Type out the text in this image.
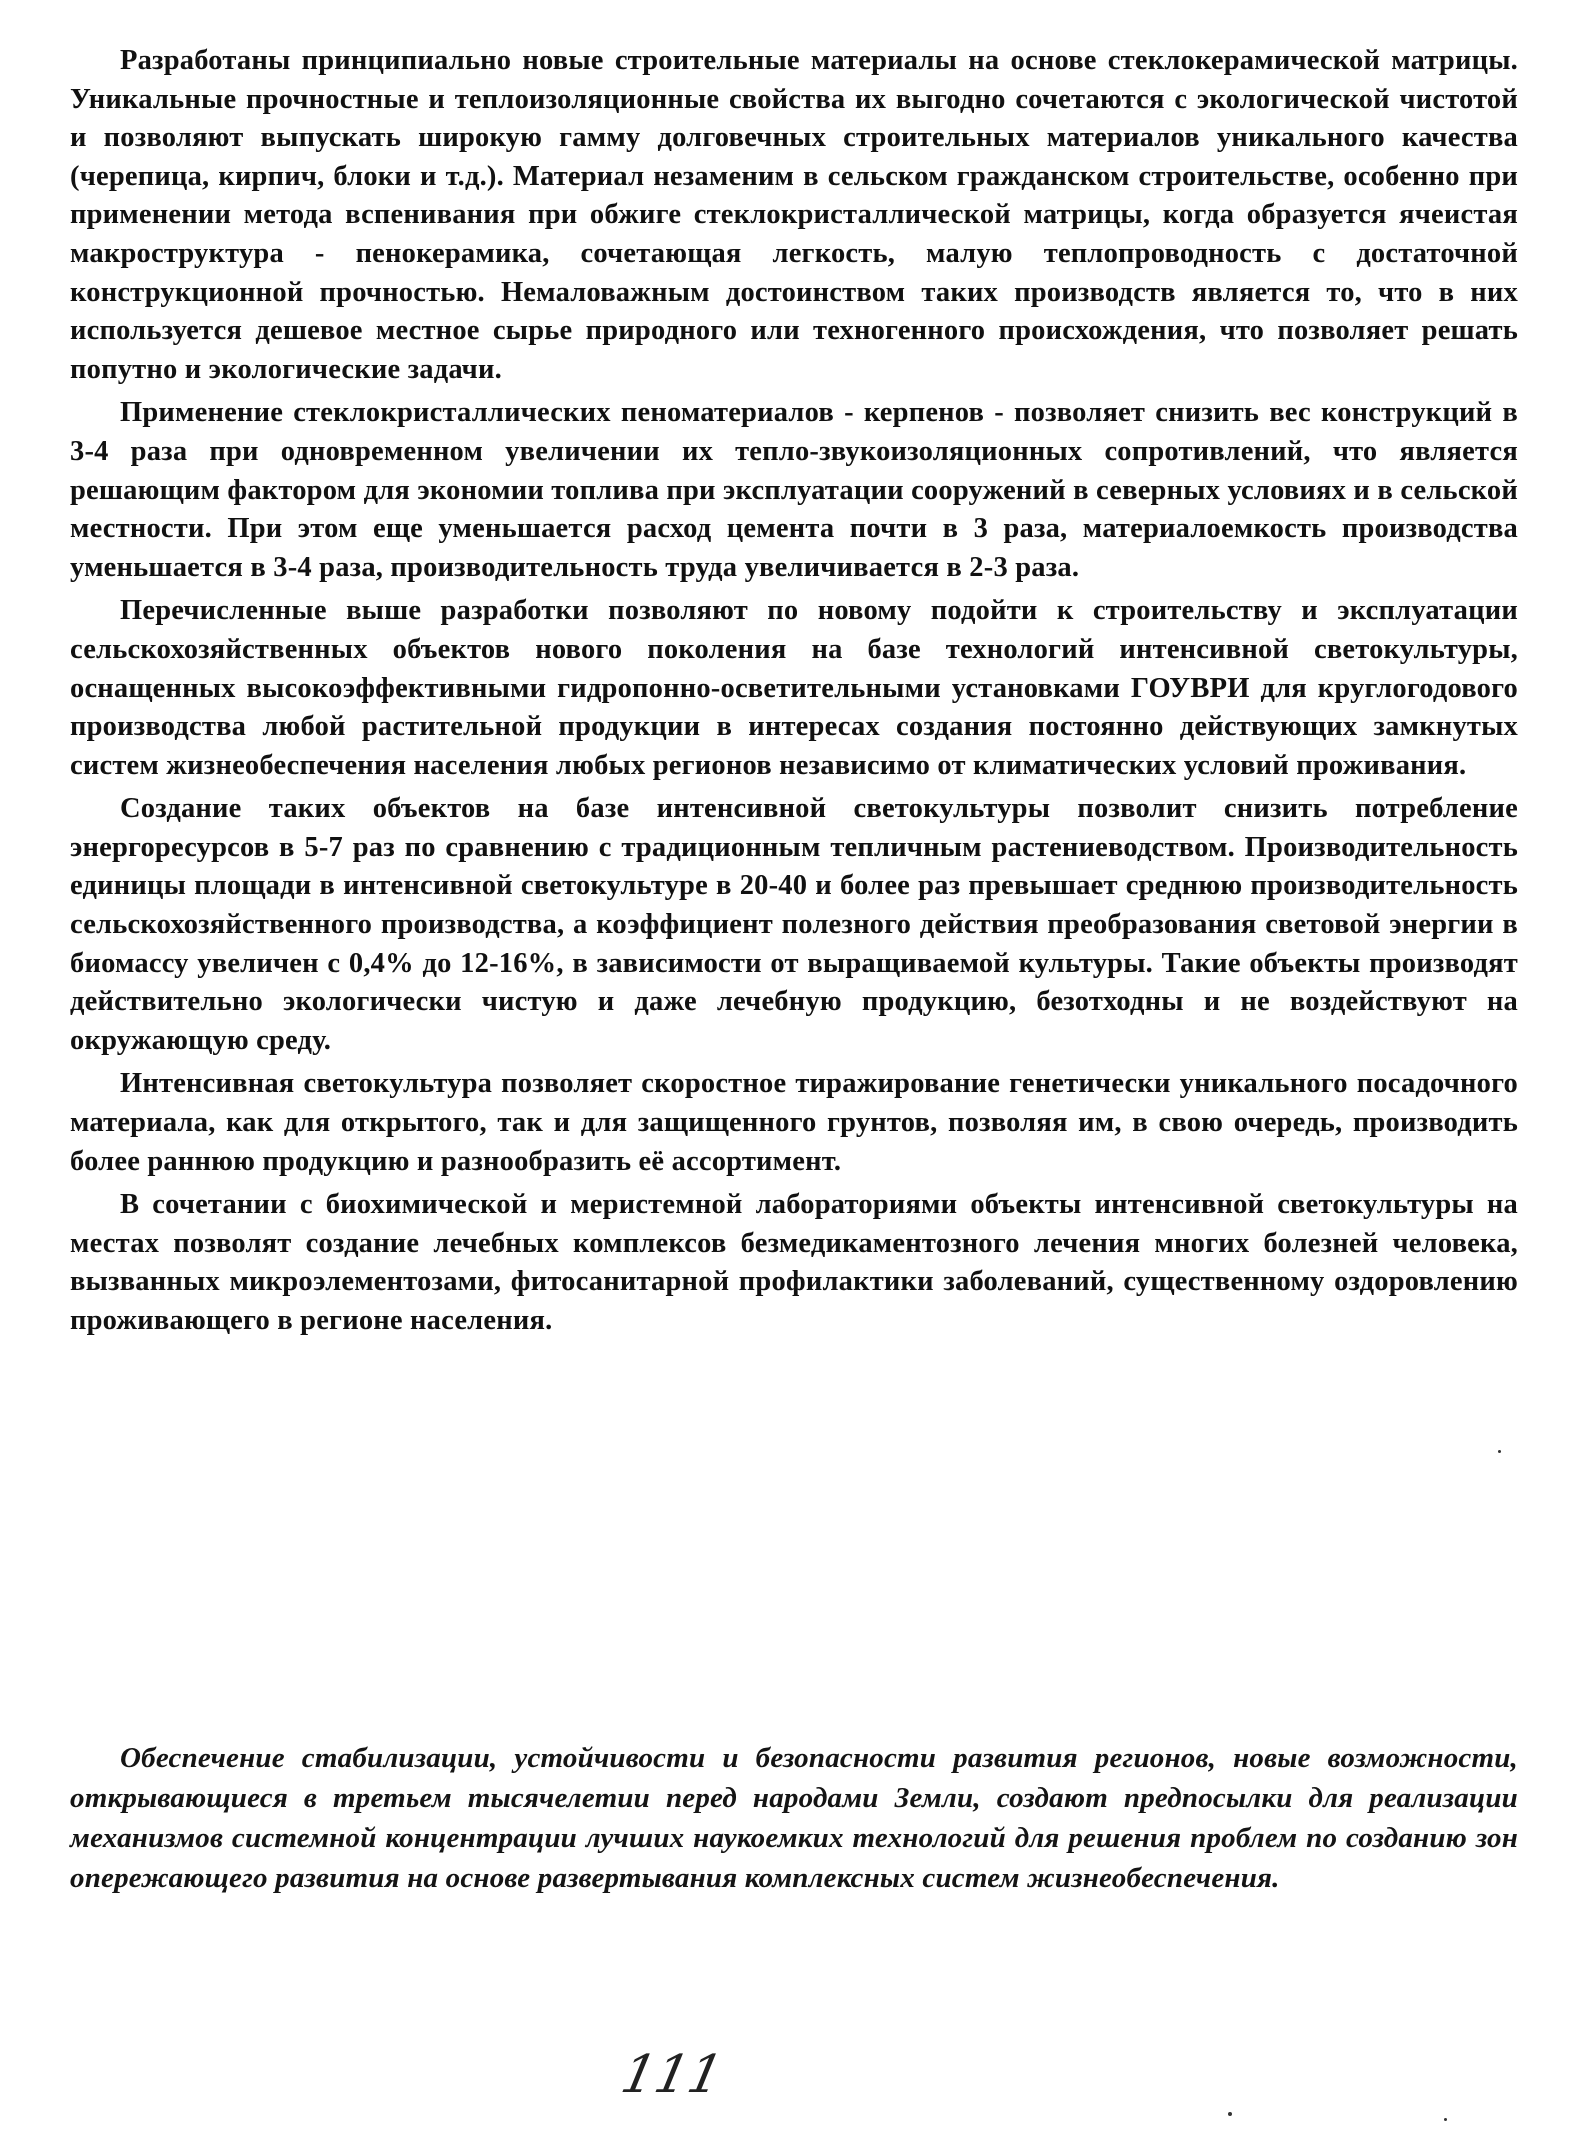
Разработаны принципиально новые строительные материалы на основе стеклокерамической матрицы. Уникальные прочностные и теплоизоляционные свойства их выгодно сочетаются с экологической чистотой и позволяют выпускать широкую гамму долговечных строительных материалов уникального качества (черепица, кирпич, блоки и т.д.). Материал незаменим в сельском гражданском строительстве, особенно при применении метода вспенивания при обжиге стеклокристаллической матрицы, когда образуется ячеистая макроструктура - пенокерамика, сочетающая легкость, малую теплопроводность с достаточной конструкционной прочностью. Немаловажным достоинством таких производств является то, что в них используется дешевое местное сырье природного или техногенного происхождения, что позволяет решать попутно и экологические задачи.

Применение стеклокристаллических пеноматериалов - керпенов - позволяет снизить вес конструкций в 3-4 раза при одновременном увеличении их тепло-звукоизоляционных сопротивлений, что является решающим фактором для экономии топлива при эксплуатации сооружений в северных условиях и в сельской местности. При этом еще уменьшается расход цемента почти в 3 раза, материалоемкость производства уменьшается в 3-4 раза, производительность труда увеличивается в 2-3 раза.

Перечисленные выше разработки позволяют по новому подойти к строительству и эксплуатации сельскохозяйственных объектов нового поколения на базе технологий интенсивной светокультуры, оснащенных высокоэффективными гидропонно-осветительными установками ГОУВРИ для круглогодового производства любой растительной продукции в интересах создания постоянно действующих замкнутых систем жизнеобеспечения населения любых регионов независимо от климатических условий проживания.

Создание таких объектов на базе интенсивной светокультуры позволит снизить потребление энергоресурсов в 5-7 раз по сравнению с традиционным тепличным растениеводством. Производительность единицы площади в интенсивной светокультуре в 20-40 и более раз превышает среднюю производительность сельскохозяйственного производства, а коэффициент полезного действия преобразования световой энергии в биомассу увеличен с 0,4% до 12-16%, в зависимости от выращиваемой культуры. Такие объекты производят действительно экологически чистую и даже лечебную продукцию, безотходны и не воздействуют на окружающую среду.

Интенсивная светокультура позволяет скоростное тиражирование генетически уникального посадочного материала, как для открытого, так и для защищенного грунтов, позволяя им, в свою очередь, производить более раннюю продукцию и разнообразить её ассортимент.

В сочетании с биохимической и меристемной лабораториями объекты интенсивной светокультуры на местах позволят создание лечебных комплексов безмедикаментозного лечения многих болезней человека, вызванных микроэлементозами, фитосанитарной профилактики заболеваний, существенному оздоровлению проживающего в регионе населения.

Обеспечение стабилизации, устойчивости и безопасности развития регионов, новые возможности, открывающиеся в третьем тысячелетии перед народами Земли, создают предпосылки для реализации механизмов системной концентрации лучших наукоемких технологий для решения проблем по созданию зон опережающего развития на основе развертывания комплексных систем жизнеобеспечения.

111
